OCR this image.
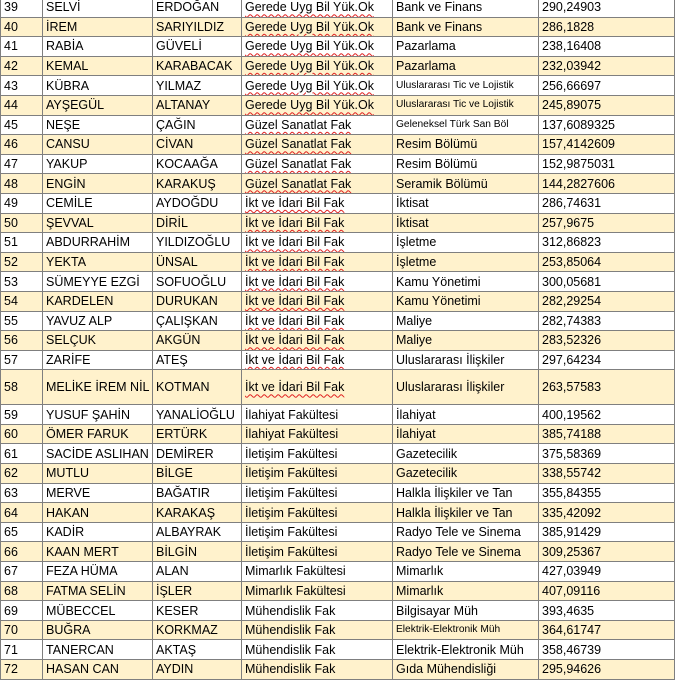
39	SELVİ	ERDOĞAN	Gerede Uyg Bil Yük.Ok	Bank ve Finans	290,24903
40	İREM	SARIYILDIZ	Gerede Uyg Bil Yük.Ok	Bank ve Finans	286,1828
41	RABİA	GÜVELİ	Gerede Uyg Bil Yük.Ok	Pazarlama	238,16408
42	KEMAL	KARABACAK	Gerede Uyg Bil Yük.Ok	Pazarlama	232,03942
43	KÜBRA	YILMAZ	Gerede Uyg Bil Yük.Ok	Uluslararası Tic ve Lojistik	256,66697
44	AYŞEGÜL	ALTANAY	Gerede Uyg Bil Yük.Ok	Uluslararası Tic ve Lojistik	245,89075
45	NEŞE	ÇAĞIN	Güzel Sanatlat Fak	Geleneksel Türk San Böl	137,6089325
46	CANSU	CİVAN	Güzel Sanatlat Fak	Resim Bölümü	157,4142609
47	YAKUP	KOCAAĞA	Güzel Sanatlat Fak	Resim Bölümü	152,9875031
48	ENGİN	KARAKUŞ	Güzel Sanatlat Fak	Seramik Bölümü	144,2827606
49	CEMİLE	AYDOĞDU	İkt ve İdari Bil Fak	İktisat	286,74631
50	ŞEVVAL	DİRİL	İkt ve İdari Bil Fak	İktisat	257,9675
51	ABDURRAHİM	YILDIZOĞLU	İkt ve İdari Bil Fak	İşletme	312,86823
52	YEKTA	ÜNSAL	İkt ve İdari Bil Fak	İşletme	253,85064
53	SÜMEYYE EZGİ	SOFUOĞLU	İkt ve İdari Bil Fak	Kamu Yönetimi	300,05681
54	KARDELEN	DURUKAN	İkt ve İdari Bil Fak	Kamu Yönetimi	282,29254
55	YAVUZ ALP	ÇALIŞKAN	İkt ve İdari Bil Fak	Maliye	282,74383
56	SELÇUK	AKGÜN	İkt ve İdari Bil Fak	Maliye	283,52326
57	ZARİFE	ATEŞ	İkt ve İdari Bil Fak	Uluslararası İlişkiler	297,64234
58	MELİKE İREM NİL	KOTMAN	İkt ve İdari Bil Fak	Uluslararası İlişkiler	263,57583
59	YUSUF ŞAHİN	YANALİOĞLU	İlahiyat Fakültesi	İlahiyat	400,19562
60	ÖMER FARUK	ERTÜRK	İlahiyat Fakültesi	İlahiyat	385,74188
61	SACİDE ASLIHAN	DEMİRER	İletişim Fakültesi	Gazetecilik	375,58369
62	MUTLU	BİLGE	İletişim Fakültesi	Gazetecilik	338,55742
63	MERVE	BAĞATIR	İletişim Fakültesi	Halkla İlişkiler ve Tan	355,84355
64	HAKAN	KARAKAŞ	İletişim Fakültesi	Halkla İlişkiler ve Tan	335,42092
65	KADİR	ALBAYRAK	İletişim Fakültesi	Radyo Tele ve Sinema	385,91429
66	KAAN MERT	BİLGİN	İletişim Fakültesi	Radyo Tele ve Sinema	309,25367
67	FEZA HÜMA	ALAN	Mimarlık Fakültesi	Mimarlık	427,03949
68	FATMA SELİN	İŞLER	Mimarlık Fakültesi	Mimarlık	407,09116
69	MÜBECCEL	KESER	Mühendislik Fak	Bilgisayar Müh	393,4635
70	BUĞRA	KORKMAZ	Mühendislik Fak	Elektrik-Elektronik Müh	364,61747
71	TANERCAN	AKTAŞ	Mühendislik Fak	Elektrik-Elektronik Müh	358,46739
72	HASAN CAN	AYDIN	Mühendislik Fak	Gıda Mühendisliği	295,94626
